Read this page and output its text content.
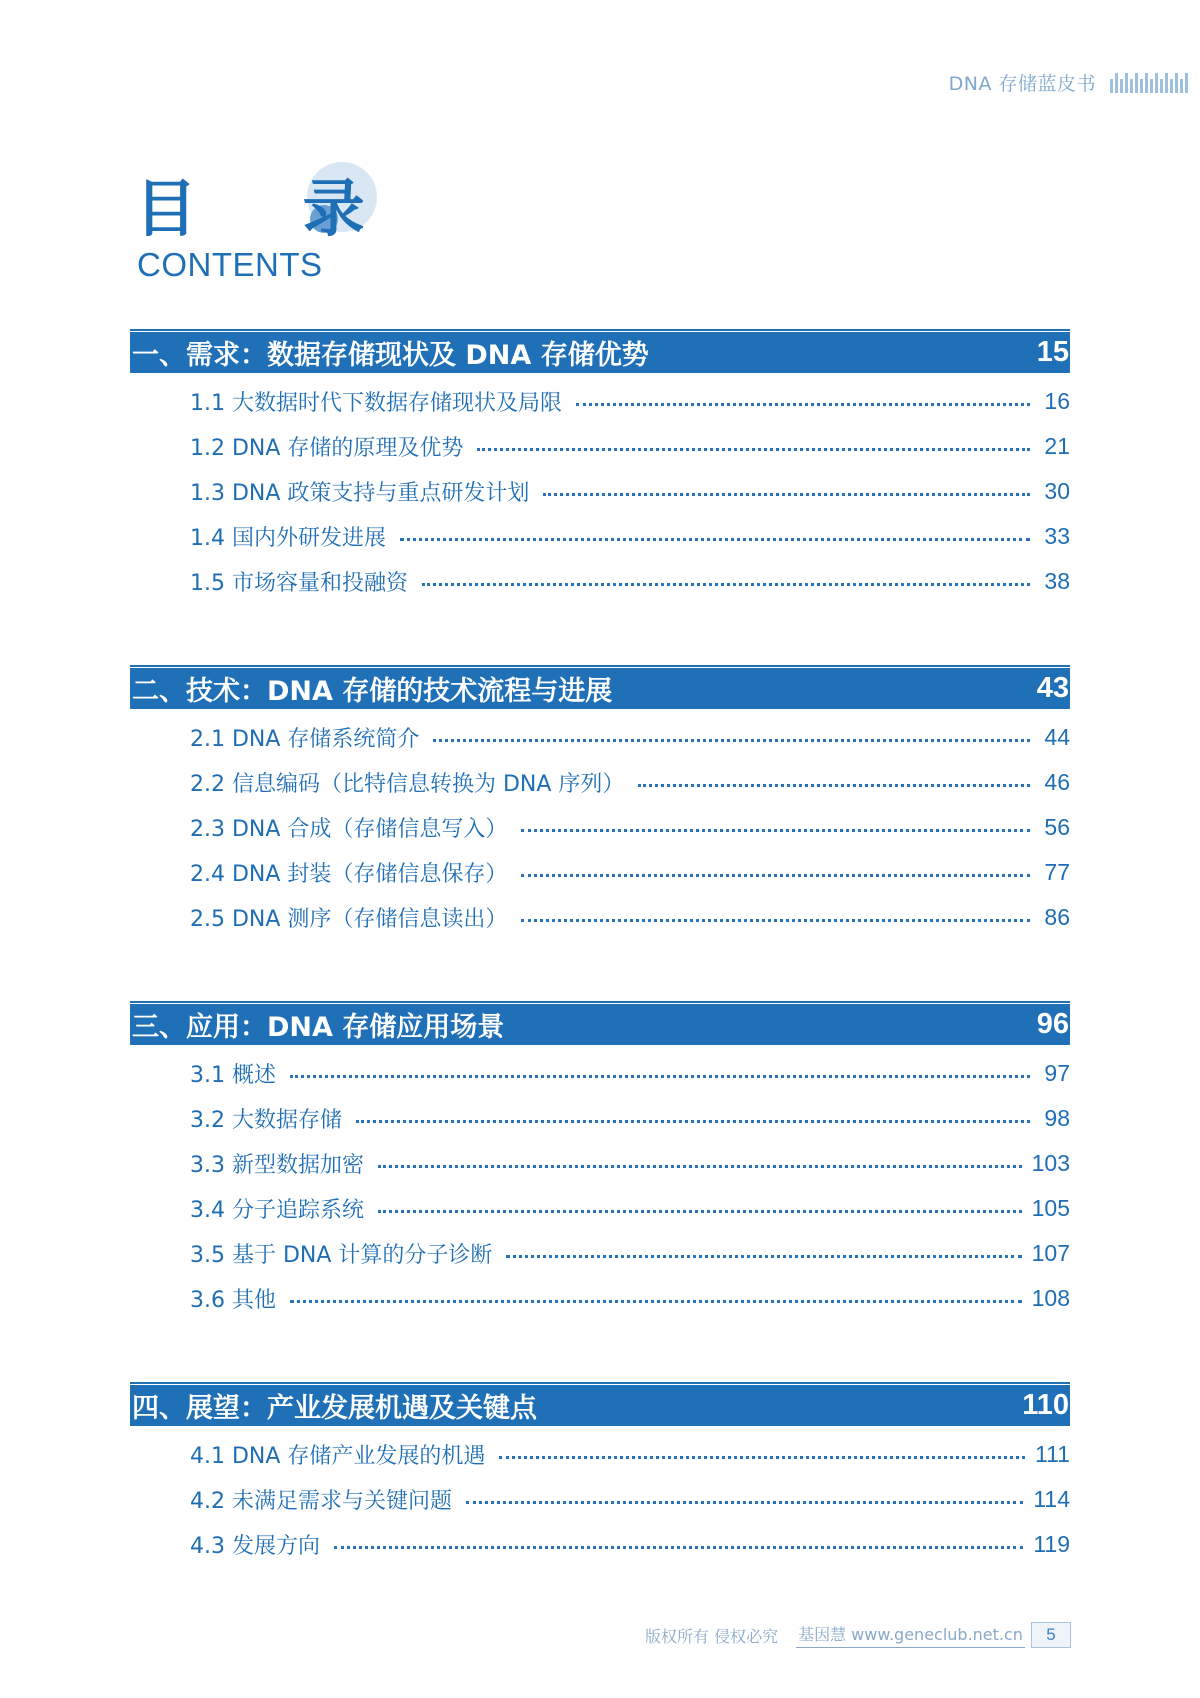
DNA 存储蓝皮书
目 录
CONTENTS
一、需求：数据存储现状及 DNA 存储优势	15
1.1 大数据时代下数据存储现状及局限	16
1.2 DNA 存储的原理及优势	21
1.3 DNA 政策支持与重点研发计划	30
1.4 国内外研发进展	33
1.5 市场容量和投融资	38
二、技术：DNA 存储的技术流程与进展	43
2.1 DNA 存储系统简介	44
2.2 信息编码（比特信息转换为 DNA 序列）	46
2.3 DNA 合成（存储信息写入）	56
2.4 DNA 封装（存储信息保存）	77
2.5 DNA 测序（存储信息读出）	86
三、应用：DNA 存储应用场景	96
3.1 概述	97
3.2 大数据存储	98
3.3 新型数据加密	103
3.4 分子追踪系统	105
3.5 基于 DNA 计算的分子诊断	107
3.6 其他	108
四、展望：产业发展机遇及关键点	110
4.1 DNA 存储产业发展的机遇	111
4.2 未满足需求与关键问题	114
4.3 发展方向	119
版权所有 侵权必究 基因慧 www.geneclub.net.cn	5
